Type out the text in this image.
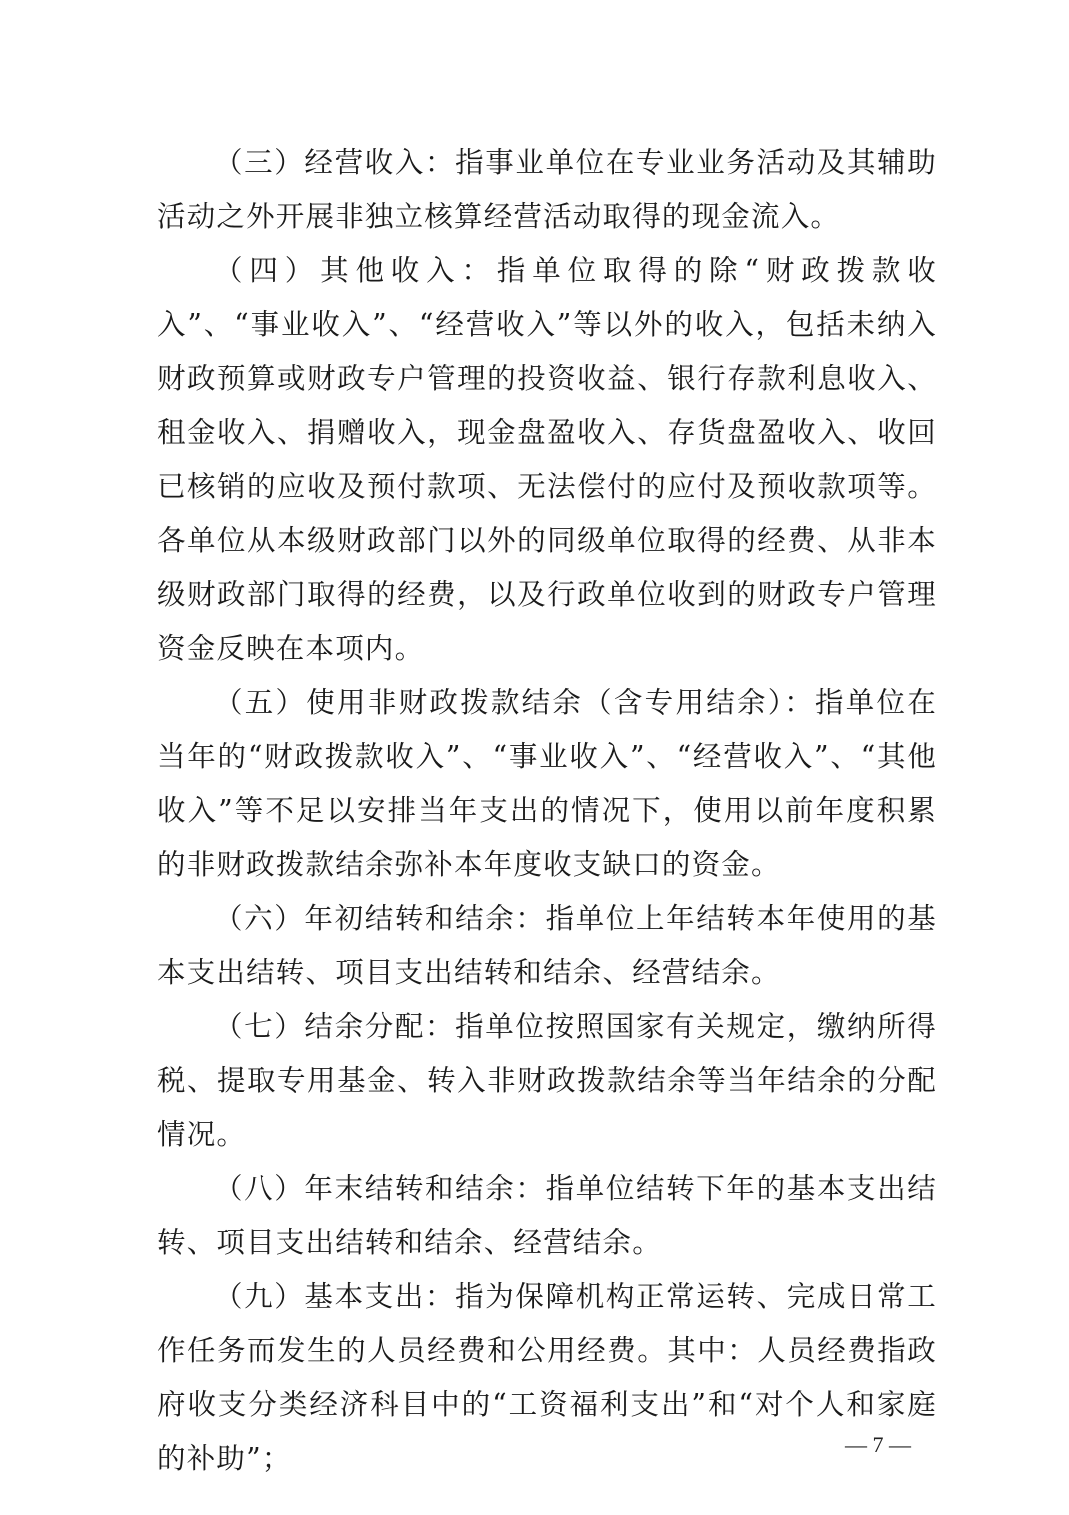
（三）经营收入：指事业单位在专业业务活动及其辅助活动之外开展非独立核算经营活动取得的现金流入。

（四）其他收入：指单位取得的除“财政拨款收入”、“事业收入”、“经营收入”等以外的收入，包括未纳入财政预算或财政专户管理的投资收益、银行存款利息收入、租金收入、捐赠收入，现金盘盈收入、存货盘盈收入、收回已核销的应收及预付款项、无法偿付的应付及预收款项等。各单位从本级财政部门以外的同级单位取得的经费、从非本级财政部门取得的经费，以及行政单位收到的财政专户管理资金反映在本项内。

（五）使用非财政拨款结余（含专用结余）：指单位在当年的“财政拨款收入”、“事业收入”、“经营收入”、“其他收入”等不足以安排当年支出的情况下，使用以前年度积累的非财政拨款结余弥补本年度收支缺口的资金。

（六）年初结转和结余：指单位上年结转本年使用的基本支出结转、项目支出结转和结余、经营结余。

（七）结余分配：指单位按照国家有关规定，缴纳所得税、提取专用基金、转入非财政拨款结余等当年结余的分配情况。

（八）年末结转和结余：指单位结转下年的基本支出结转、项目支出结转和结余、经营结余。

（九）基本支出：指为保障机构正常运转、完成日常工作任务而发生的人员经费和公用经费。其中：人员经费指政府收支分类经济科目中的“工资福利支出”和“对个人和家庭的补助”；	— 7 —
